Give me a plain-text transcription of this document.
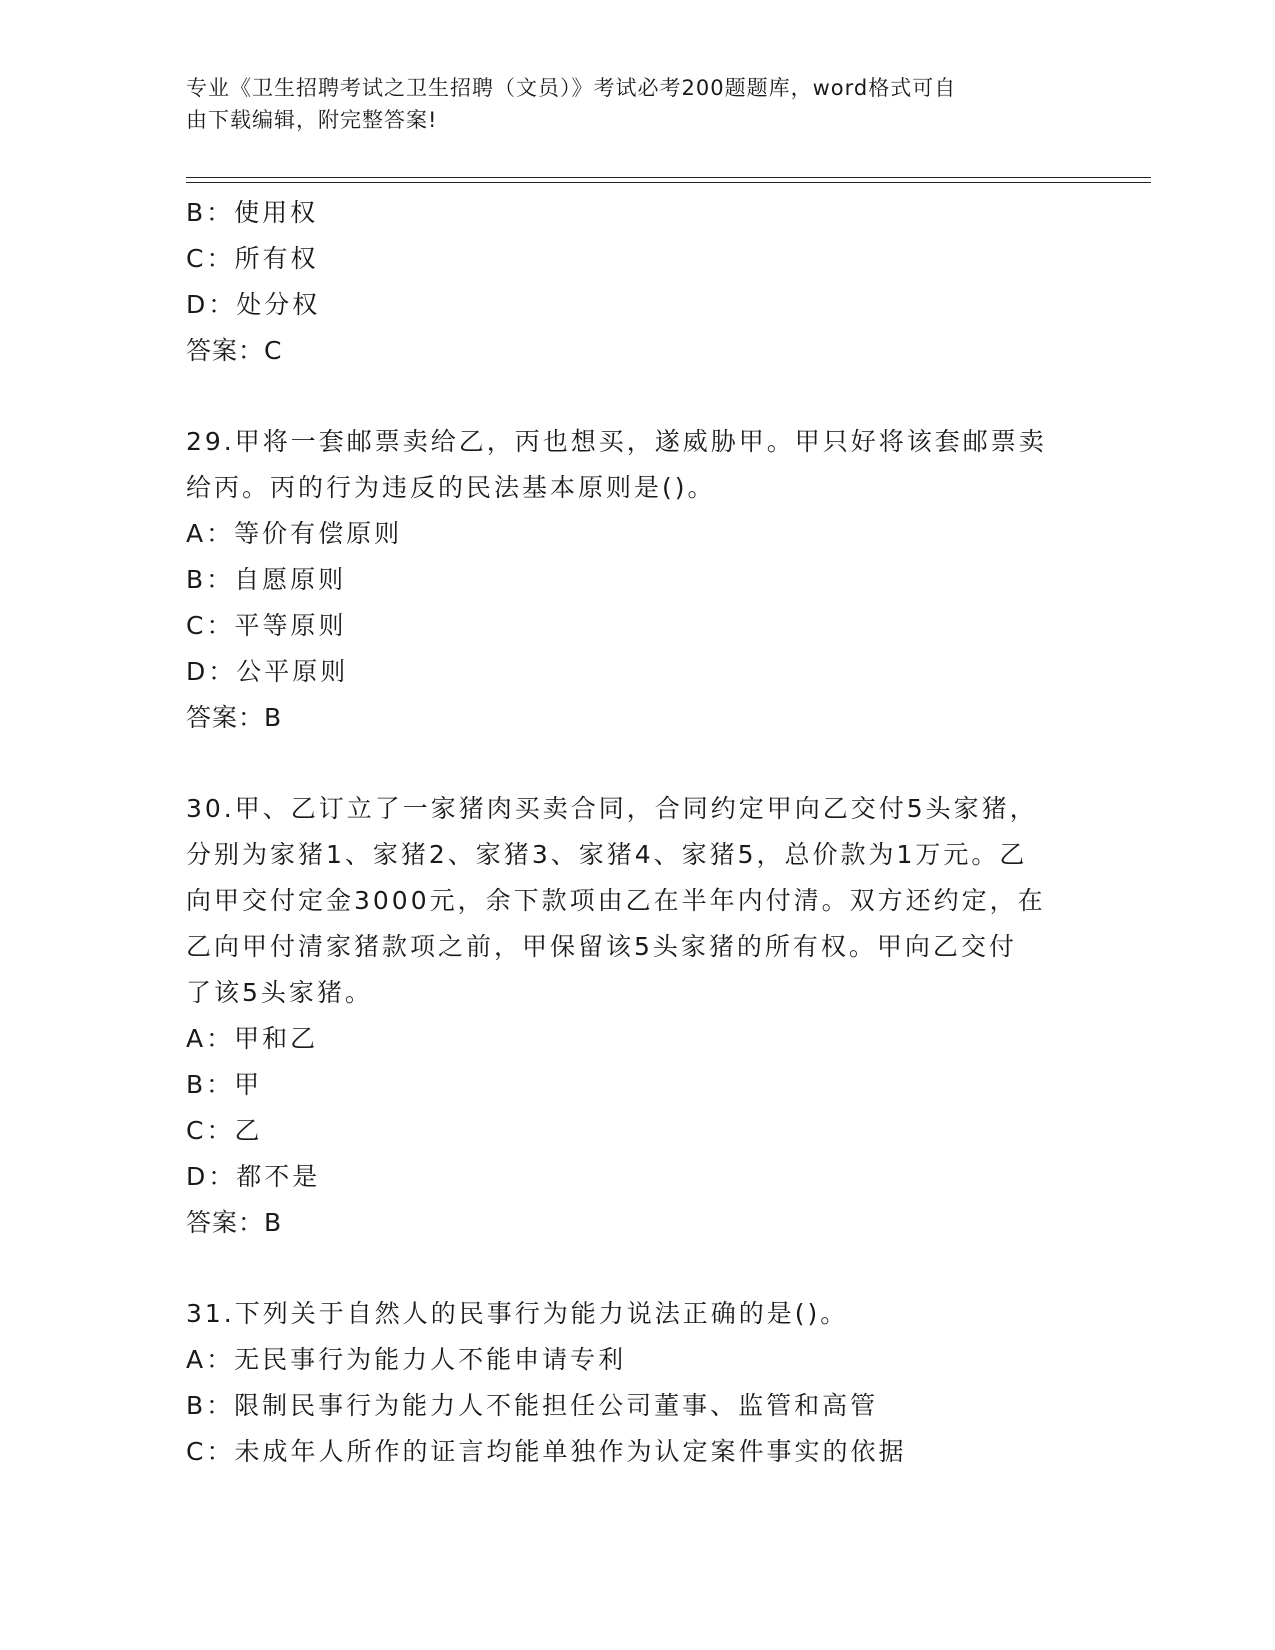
专业《卫生招聘考试之卫生招聘（文员）》考试必考200题题库，word格式可自
由下载编辑，附完整答案!
B：使用权
C：所有权
D：处分权
答案：C
29.甲将一套邮票卖给乙，丙也想买，遂威胁甲。甲只好将该套邮票卖
给丙。丙的行为违反的民法基本原则是()。
A：等价有偿原则
B：自愿原则
C：平等原则
D：公平原则
答案：B
30.甲、乙订立了一家猪肉买卖合同，合同约定甲向乙交付5头家猪，
分别为家猪1、家猪2、家猪3、家猪4、家猪5，总价款为1万元。乙
向甲交付定金3000元，余下款项由乙在半年内付清。双方还约定，在
乙向甲付清家猪款项之前，甲保留该5头家猪的所有权。甲向乙交付
了该5头家猪。
A：甲和乙
B：甲
C：乙
D：都不是
答案：B
31.下列关于自然人的民事行为能力说法正确的是()。
A：无民事行为能力人不能申请专利
B：限制民事行为能力人不能担任公司董事、监管和高管
C：未成年人所作的证言均能单独作为认定案件事实的依据
